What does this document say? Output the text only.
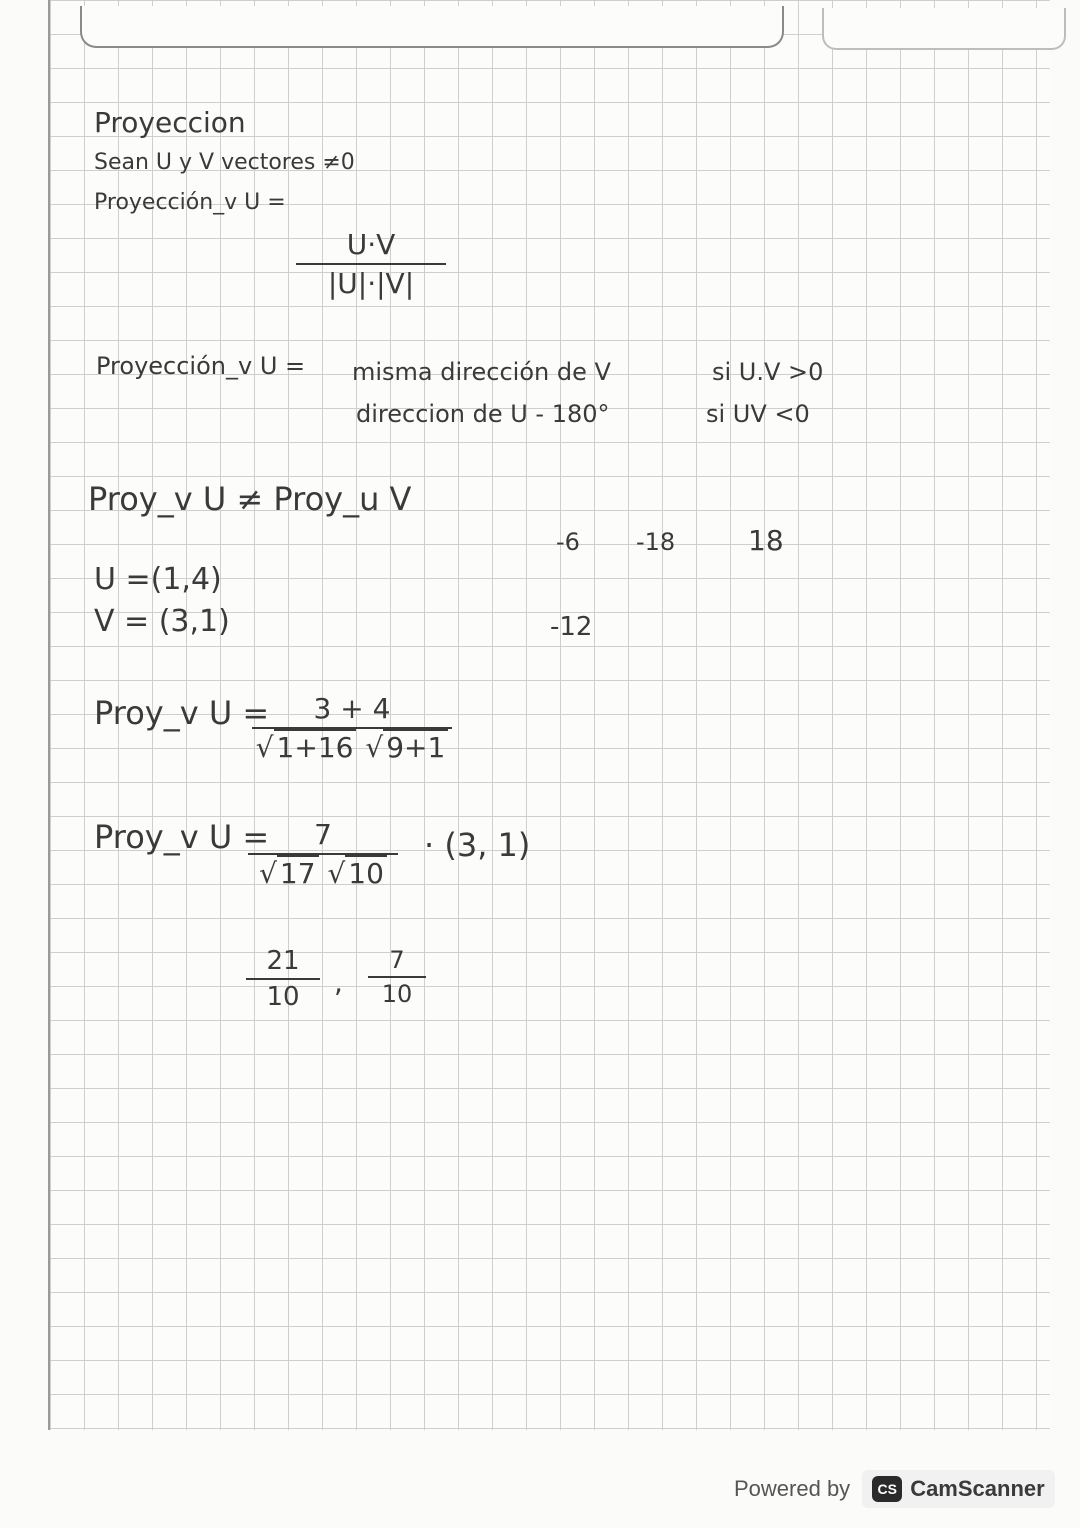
Proyeccion
Sean U y V vectores ≠0
Proyección_v U =
U·V
|U|·|V|
Proyección_v U = misma dirección de V	si U.V >0
direccion de U - 180°	si UV <0
Proy_v U ≠ Proy_u V
-6 -18	18
-12
U =(1,4)
V = (3,1)
Proy_v U =	3 + 4
√ 1+16 √ 9+1
Proy_v U =	7
√ 17 √ 10
· (3, 1)
21
10	,
7
10
Powered by	CS CamScanner
